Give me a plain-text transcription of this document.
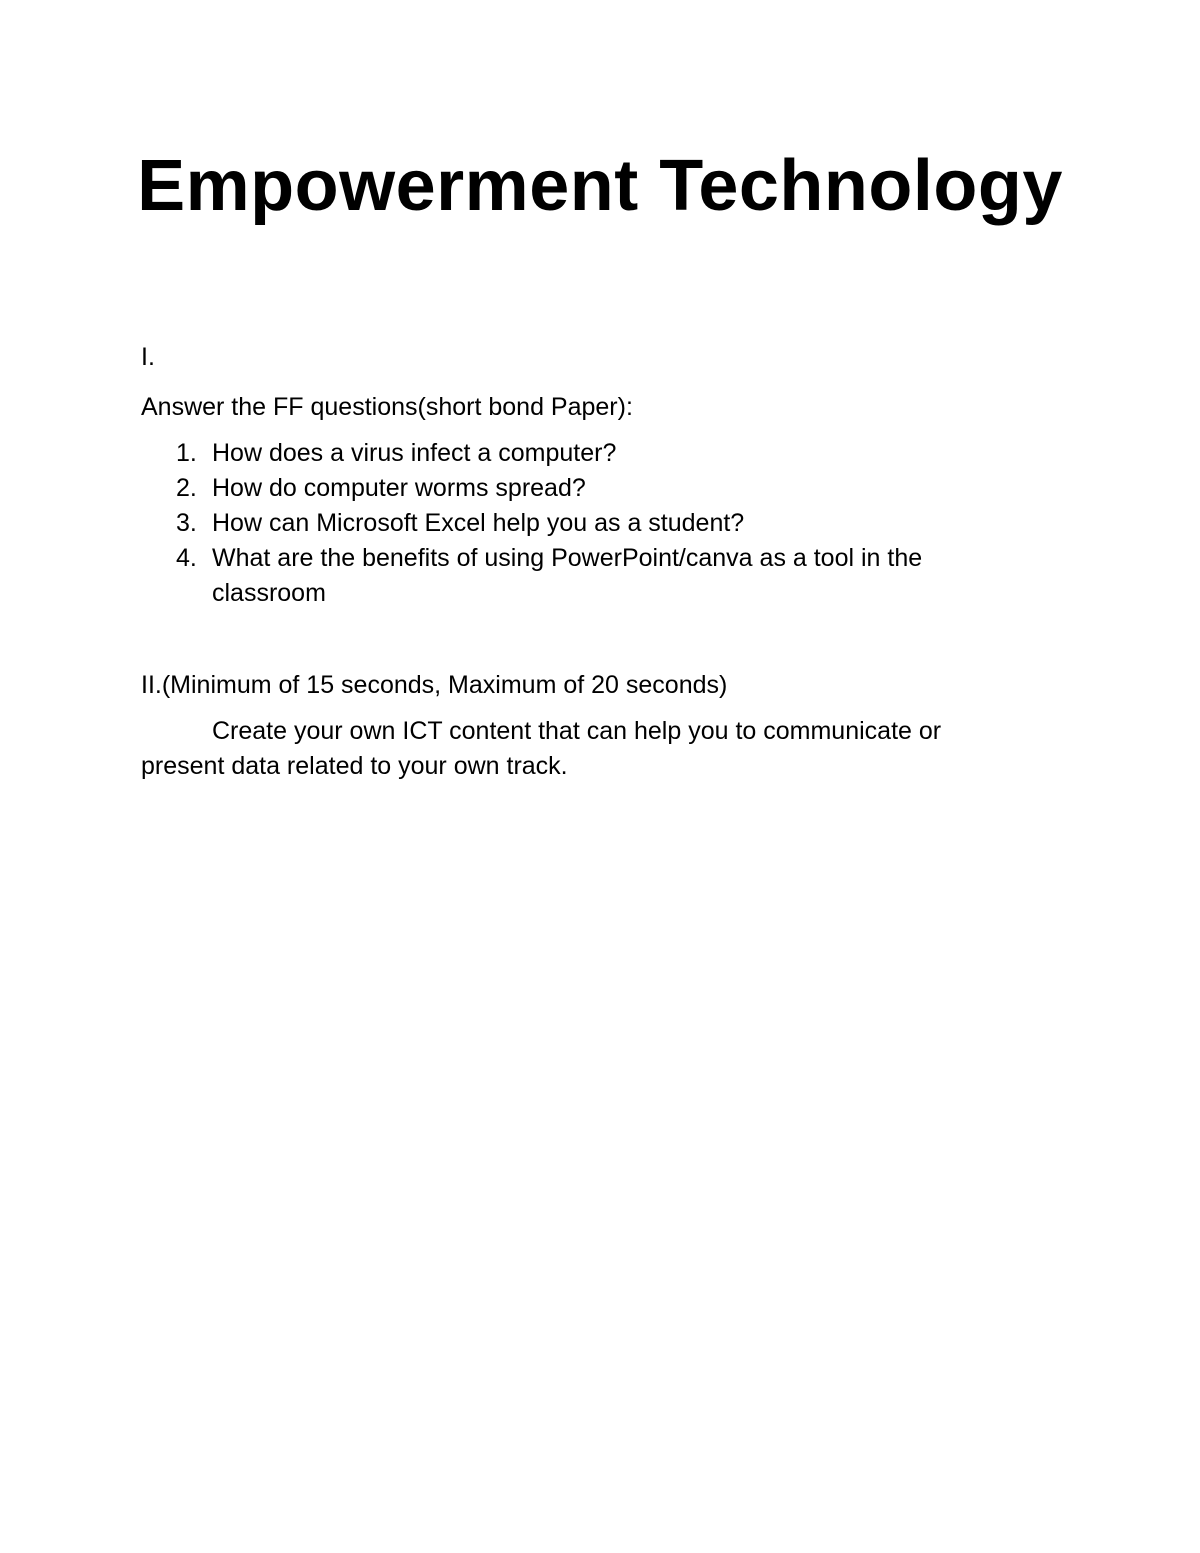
Empowerment Technology

I.

Answer the FF questions(short bond Paper):

1. How does a virus infect a computer?
2. How do computer worms spread?
3. How can Microsoft Excel help you as a student?
4. What are the benefits of using PowerPoint/canva as a tool in the classroom

II.(Minimum of 15 seconds, Maximum of 20 seconds)

Create your own ICT content that can help you to communicate or present data related to your own track.
